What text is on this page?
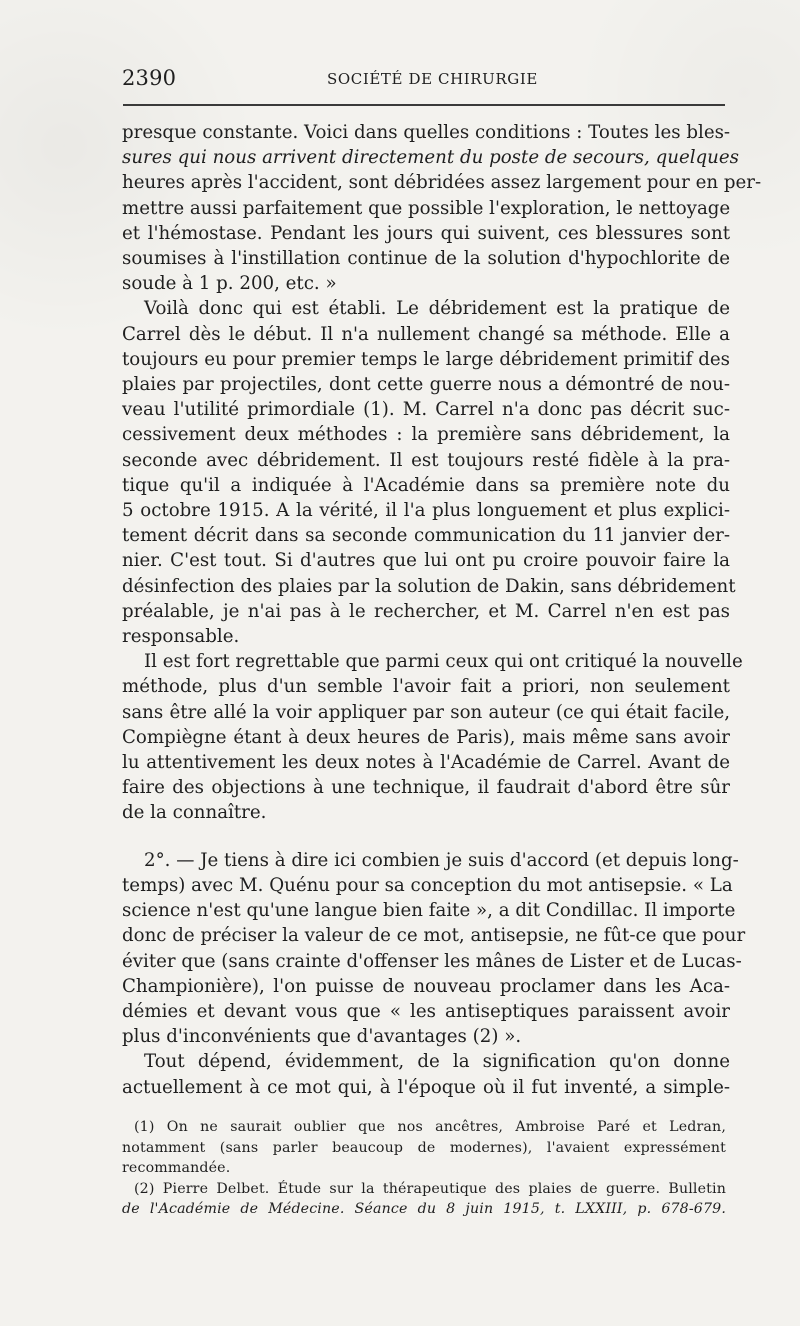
2390	SOCIÉTÉ DE CHIRURGIE
presque constante. Voici dans quelles conditions : Toutes les bles-
sures qui nous arrivent directement du poste de secours, quelques
heures après l'accident, sont débridées assez largement pour en per-
mettre aussi parfaitement que possible l'exploration, le nettoyage
et l'hémostase. Pendant les jours qui suivent, ces blessures sont
soumises à l'instillation continue de la solution d'hypochlorite de
soude à 1 p. 200, etc. »
Voilà donc qui est établi. Le débridement est la pratique de
Carrel dès le début. Il n'a nullement changé sa méthode. Elle a
toujours eu pour premier temps le large débridement primitif des
plaies par projectiles, dont cette guerre nous a démontré de nou-
veau l'utilité primordiale (1). M. Carrel n'a donc pas décrit suc-
cessivement deux méthodes : la première sans débridement, la
seconde avec débridement. Il est toujours resté fidèle à la pra-
tique qu'il a indiquée à l'Académie dans sa première note du
5 octobre 1915. A la vérité, il l'a plus longuement et plus explici-
tement décrit dans sa seconde communication du 11 janvier der-
nier. C'est tout. Si d'autres que lui ont pu croire pouvoir faire la
désinfection des plaies par la solution de Dakin, sans débridement
préalable, je n'ai pas à le rechercher, et M. Carrel n'en est pas
responsable.
Il est fort regrettable que parmi ceux qui ont critiqué la nouvelle
méthode, plus d'un semble l'avoir fait a priori, non seulement
sans être allé la voir appliquer par son auteur (ce qui était facile,
Compiègne étant à deux heures de Paris), mais même sans avoir
lu attentivement les deux notes à l'Académie de Carrel. Avant de
faire des objections à une technique, il faudrait d'abord être sûr
de la connaître.
2°. — Je tiens à dire ici combien je suis d'accord (et depuis long-
temps) avec M. Quénu pour sa conception du mot antisepsie. « La
science n'est qu'une langue bien faite », a dit Condillac. Il importe
donc de préciser la valeur de ce mot, antisepsie, ne fût-ce que pour
éviter que (sans crainte d'offenser les mânes de Lister et de Lucas-
Championière), l'on puisse de nouveau proclamer dans les Aca-
démies et devant vous que « les antiseptiques paraissent avoir
plus d'inconvénients que d'avantages (2) ».
Tout dépend, évidemment, de la signification qu'on donne
actuellement à ce mot qui, à l'époque où il fut inventé, a simple-
(1) On ne saurait oublier que nos ancêtres, Ambroise Paré et Ledran,
notamment (sans parler beaucoup de modernes), l'avaient expressément
recommandée.
(2) Pierre Delbet. Étude sur la thérapeutique des plaies de guerre. Bulletin
de l'Académie de Médecine. Séance du 8 juin 1915, t. LXXIII, p. 678-679.
